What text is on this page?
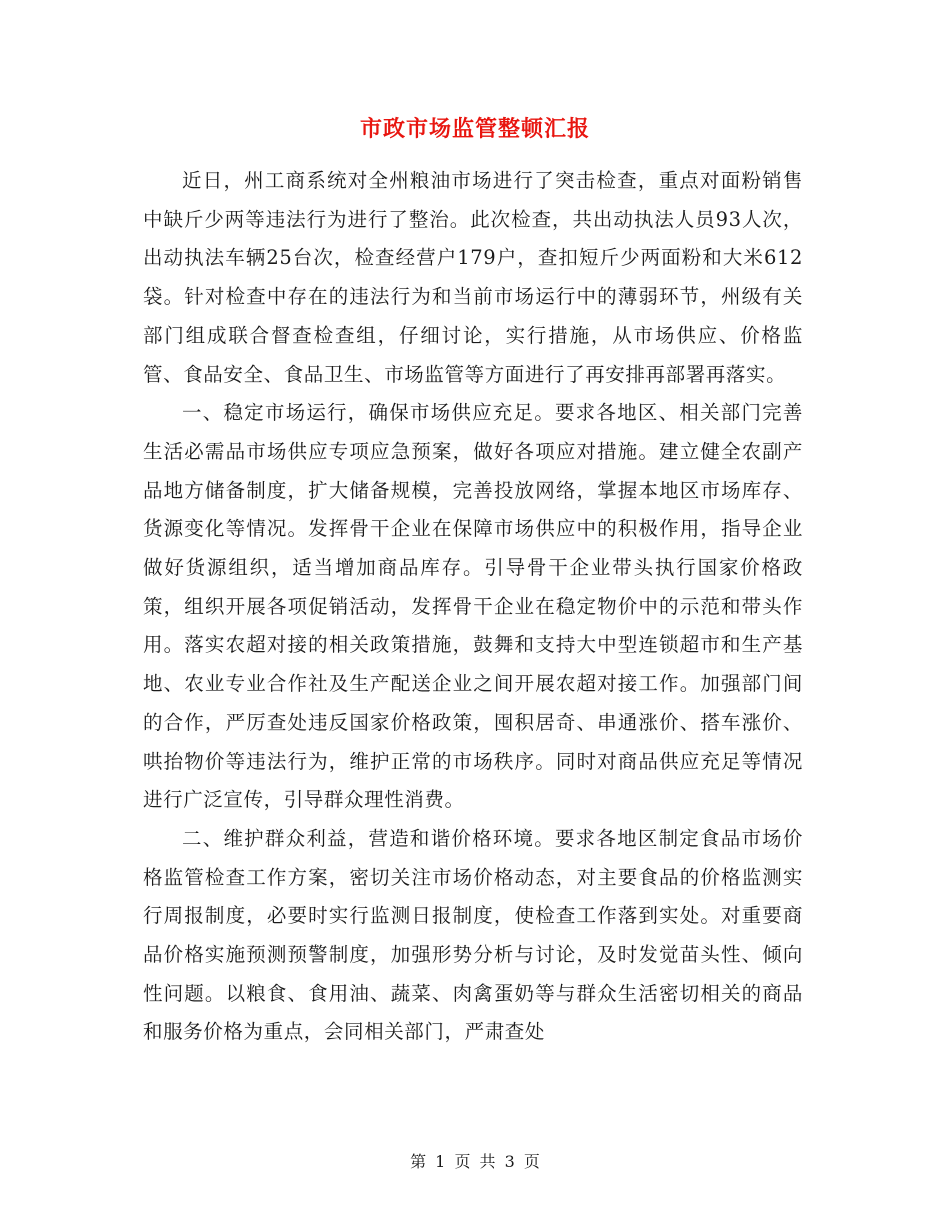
市政市场监管整顿汇报

近日，州工商系统对全州粮油市场进行了突击检查，重点对面粉销售中缺斤少两等违法行为进行了整治。此次检查，共出动执法人员93人次，出动执法车辆25台次，检查经营户179户，查扣短斤少两面粉和大米612袋。针对检查中存在的违法行为和当前市场运行中的薄弱环节，州级有关部门组成联合督查检查组，仔细讨论，实行措施，从市场供应、价格监管、食品安全、食品卫生、市场监管等方面进行了再安排再部署再落实。

一、稳定市场运行，确保市场供应充足。要求各地区、相关部门完善生活必需品市场供应专项应急预案，做好各项应对措施。建立健全农副产品地方储备制度，扩大储备规模，完善投放网络，掌握本地区市场库存、货源变化等情况。发挥骨干企业在保障市场供应中的积极作用，指导企业做好货源组织，适当增加商品库存。引导骨干企业带头执行国家价格政策，组织开展各项促销活动，发挥骨干企业在稳定物价中的示范和带头作用。落实农超对接的相关政策措施，鼓舞和支持大中型连锁超市和生产基地、农业专业合作社及生产配送企业之间开展农超对接工作。加强部门间的合作，严厉查处违反国家价格政策，囤积居奇、串通涨价、搭车涨价、哄抬物价等违法行为，维护正常的市场秩序。同时对商品供应充足等情况进行广泛宣传，引导群众理性消费。

二、维护群众利益，营造和谐价格环境。要求各地区制定食品市场价格监管检查工作方案，密切关注市场价格动态，对主要食品的价格监测实行周报制度，必要时实行监测日报制度，使检查工作落到实处。对重要商品价格实施预测预警制度，加强形势分析与讨论，及时发觉苗头性、倾向性问题。以粮食、食用油、蔬菜、肉禽蛋奶等与群众生活密切相关的商品和服务价格为重点，会同相关部门，严肃查处

第 1 页 共 3 页
